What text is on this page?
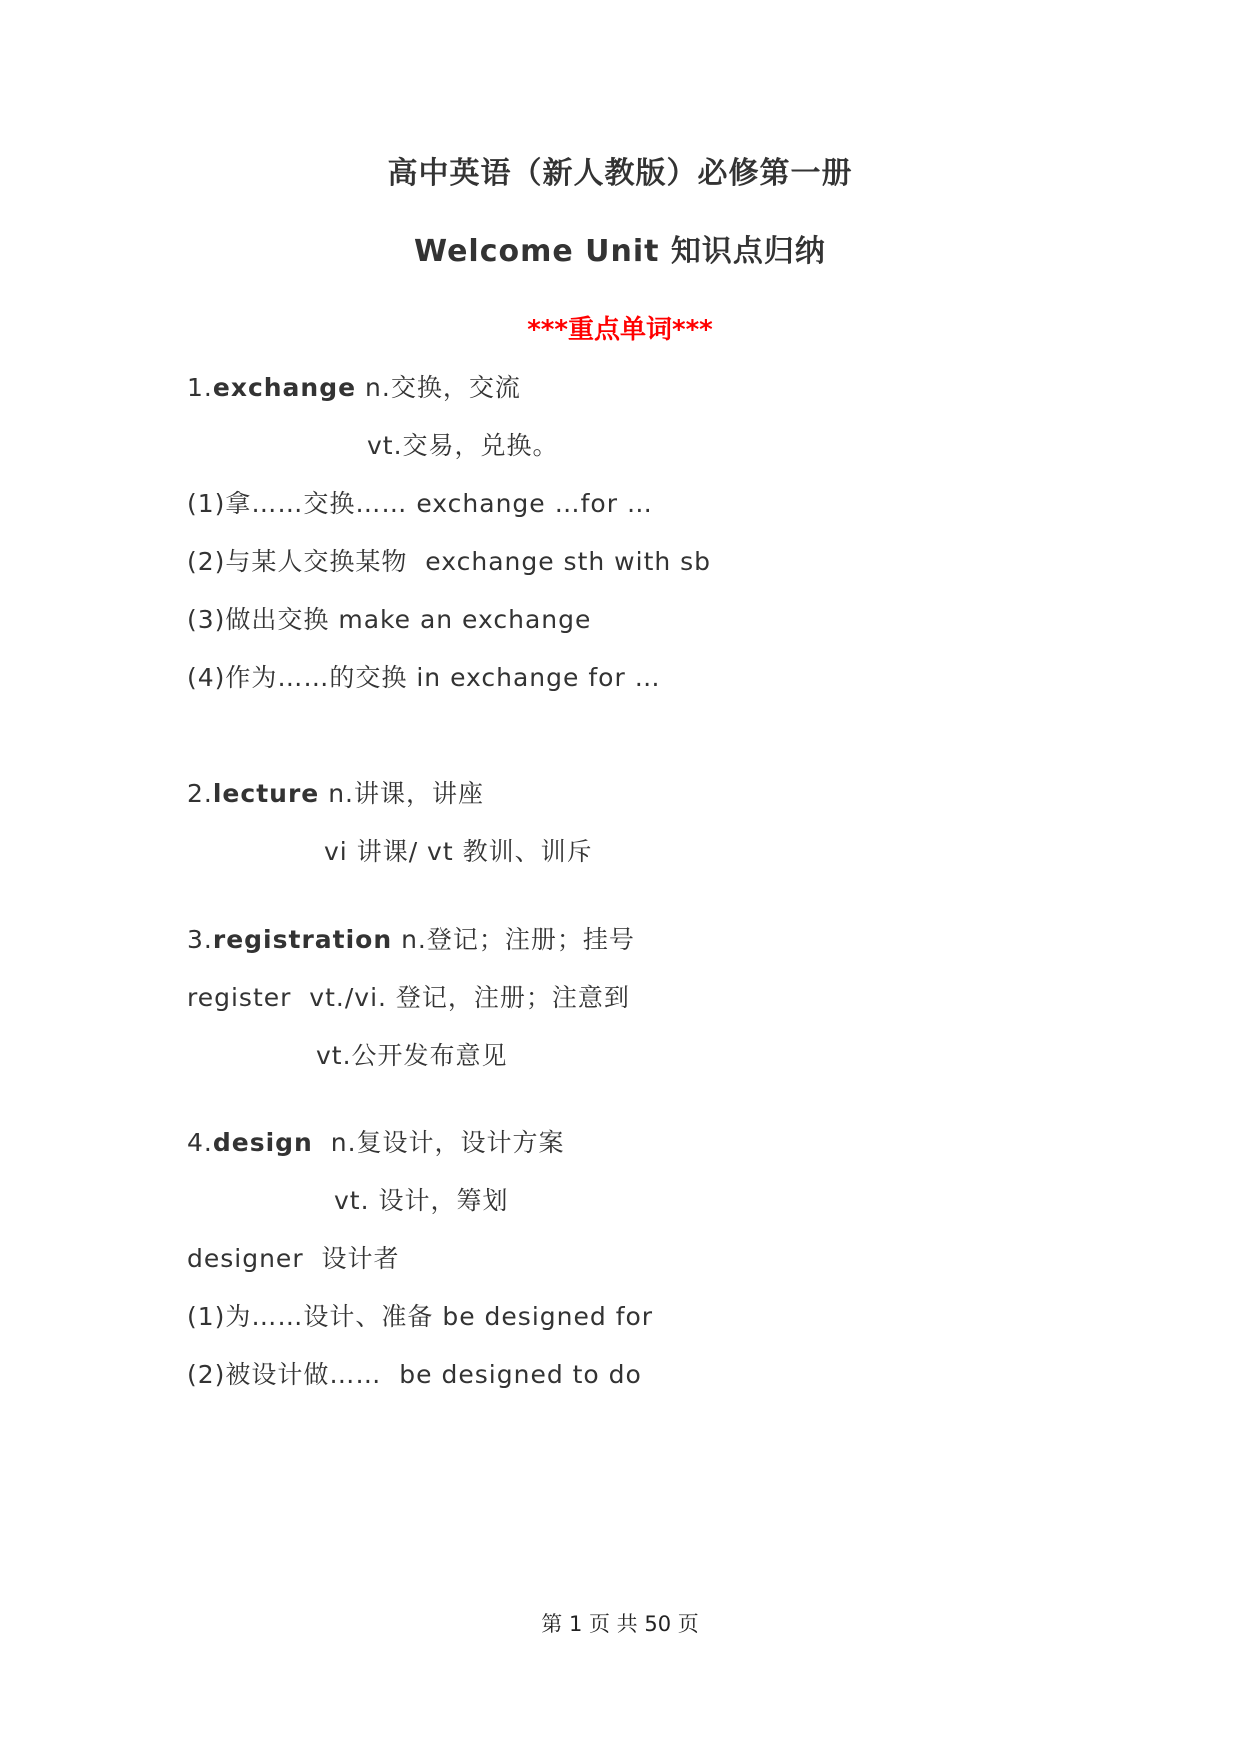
高中英语（新人教版）必修第一册
Welcome Unit 知识点归纳
***重点单词***
1.exchange n.交换，交流
vt.交易，兑换。
(1)拿……交换…… exchange …for …
(2)与某人交换某物  exchange sth with sb
(3)做出交换 make an exchange
(4)作为……的交换 in exchange for …
2.lecture n.讲课，讲座
vi 讲课/ vt 教训、训斥
3.registration n.登记；注册；挂号
register  vt./vi. 登记，注册；注意到
vt.公开发布意见
4.design  n.复设计，设计方案
vt. 设计，筹划
designer  设计者
(1)为……设计、准备 be designed for
(2)被设计做……  be designed to do
第 1 页 共 50 页
